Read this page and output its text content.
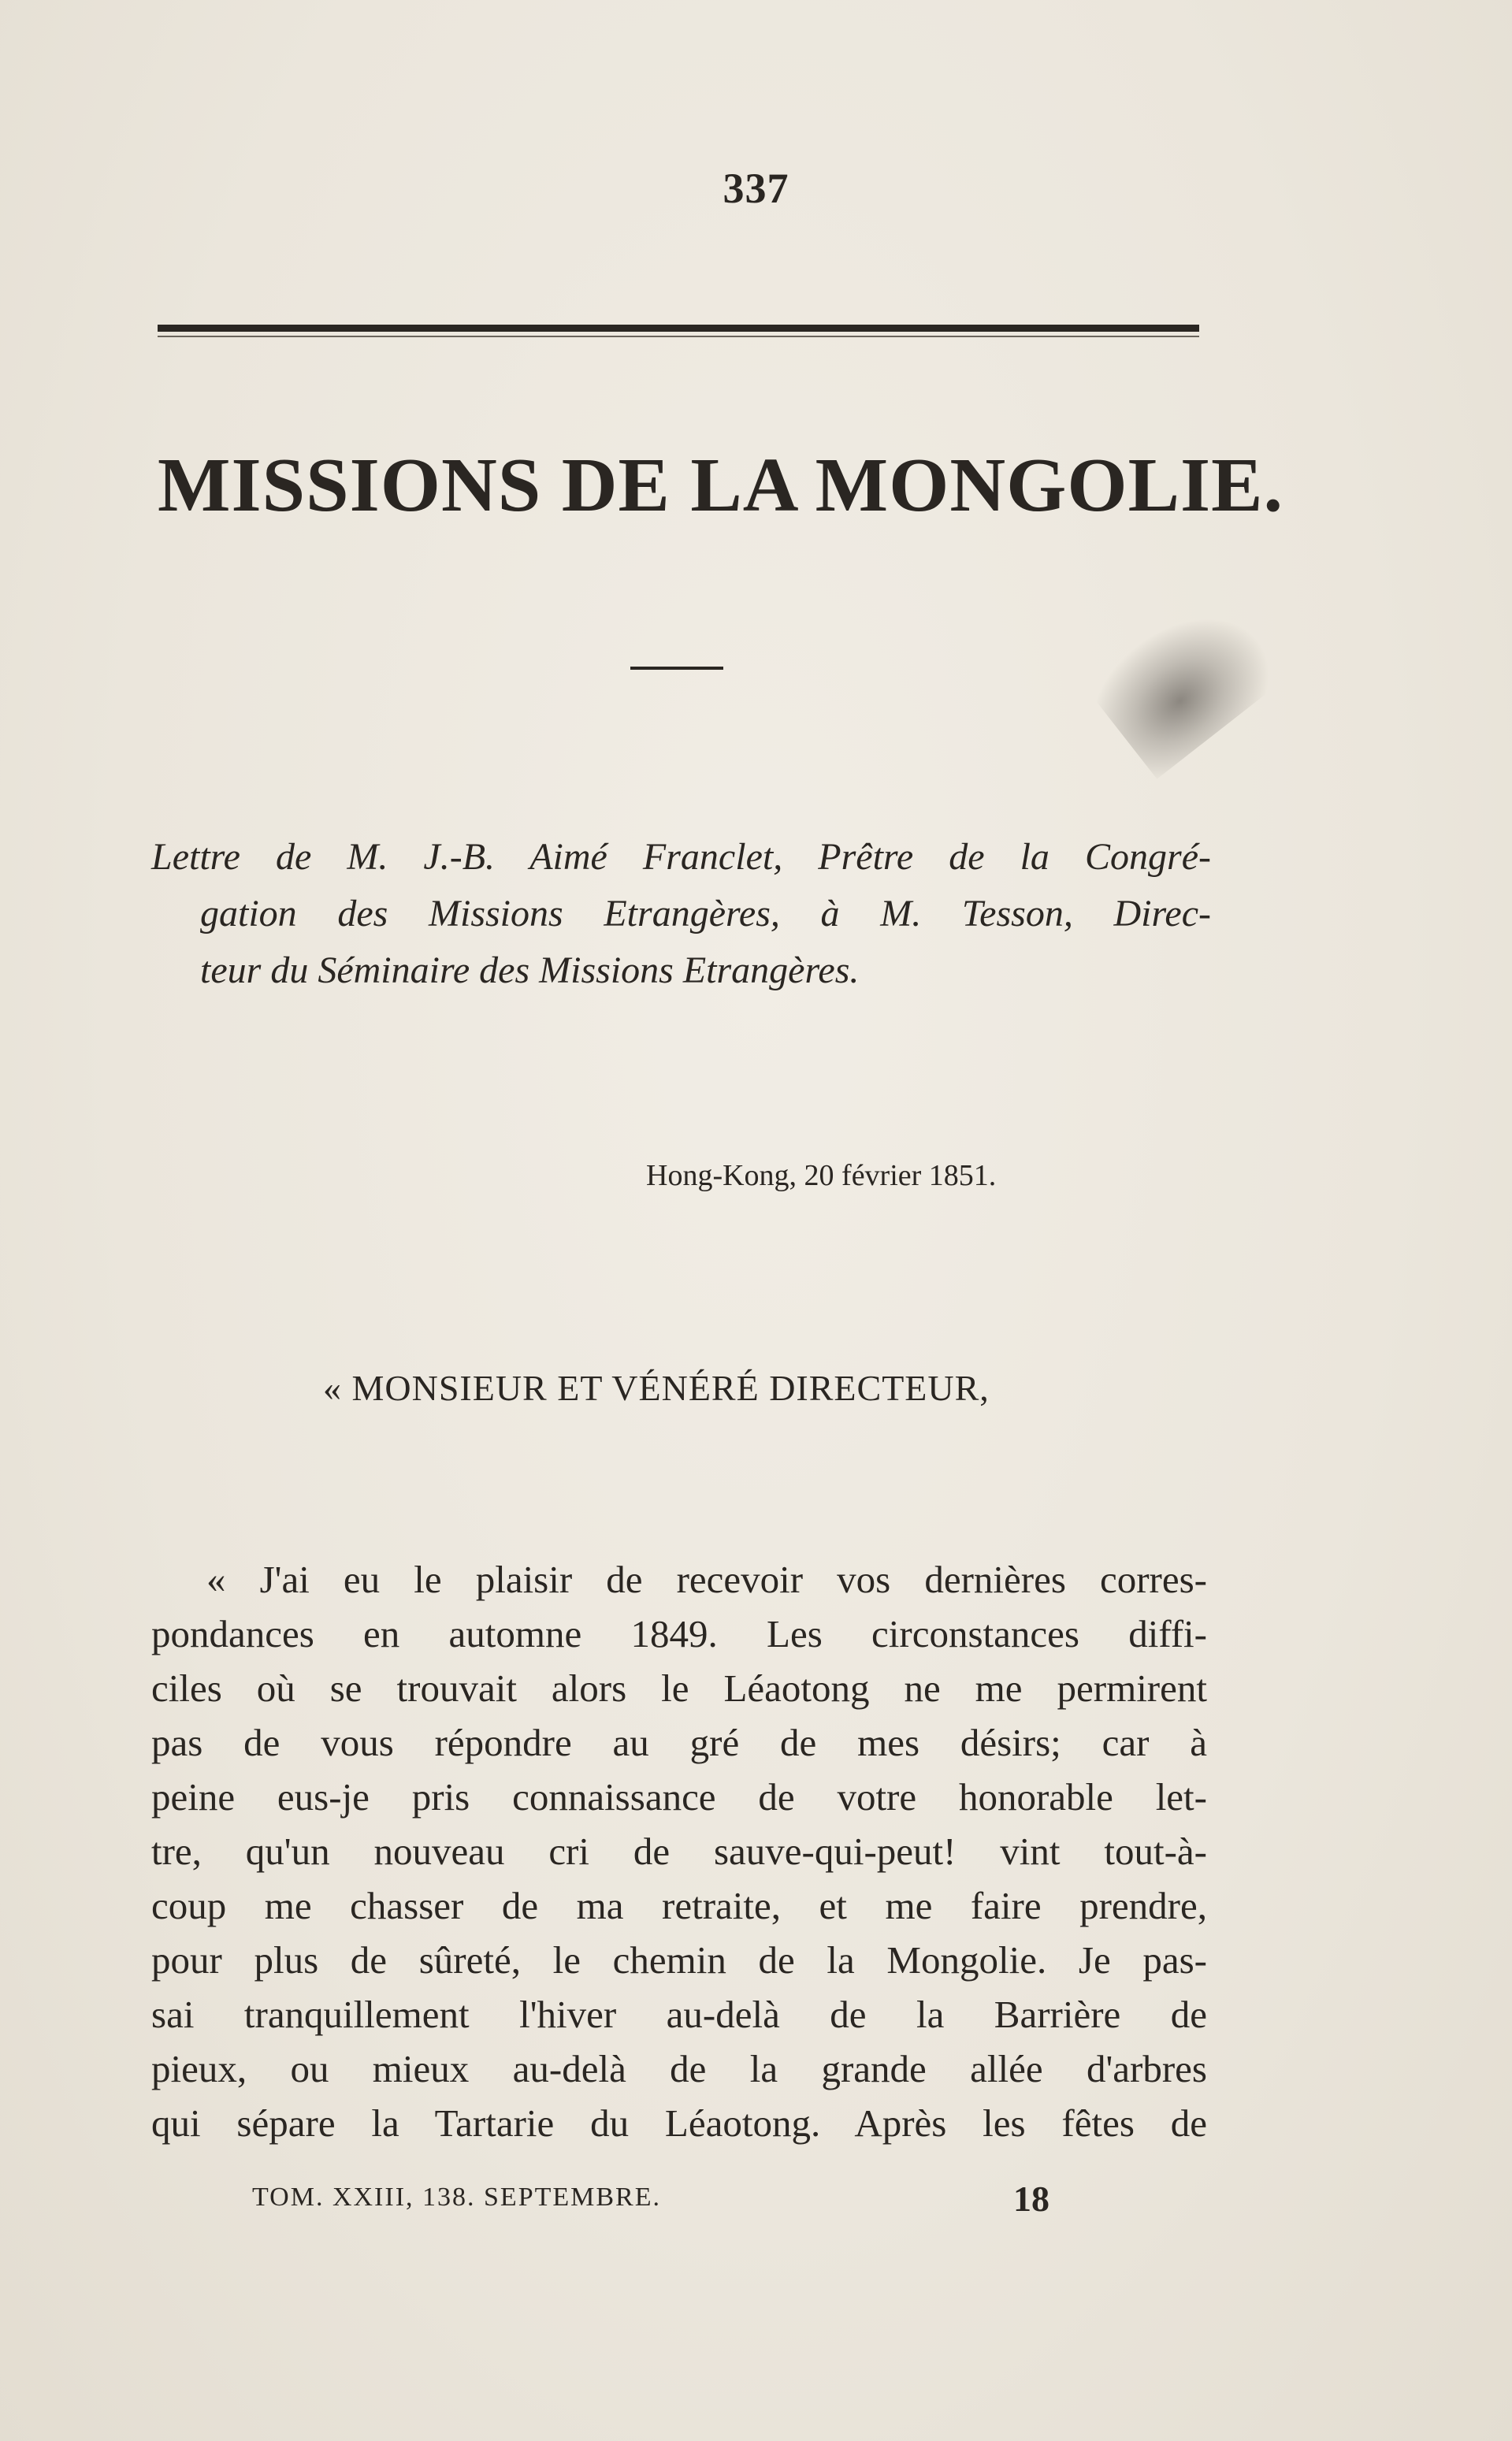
337
MISSIONS DE LA MONGOLIE.
Lettre de M. J.-B. Aimé Franclet, Prêtre de la Congré-
gation des Missions Etrangères, à M. Tesson, Direc-
teur du Séminaire des Missions Etrangères.
Hong-Kong, 20 février 1851.
« MONSIEUR ET VÉNÉRÉ DIRECTEUR,
« J'ai eu le plaisir de recevoir vos dernières corres-
pondances en automne 1849. Les circonstances diffi-
ciles où se trouvait alors le Léaotong ne me permirent
pas de vous répondre au gré de mes désirs; car à
peine eus-je pris connaissance de votre honorable let-
tre, qu'un nouveau cri de sauve-qui-peut! vint tout-à-
coup me chasser de ma retraite, et me faire prendre,
pour plus de sûreté, le chemin de la Mongolie. Je pas-
sai tranquillement l'hiver au-delà de la Barrière de
pieux, ou mieux au-delà de la grande allée d'arbres
qui sépare la Tartarie du Léaotong. Après les fêtes de
TOM. XXIII, 138. SEPTEMBRE.	18
